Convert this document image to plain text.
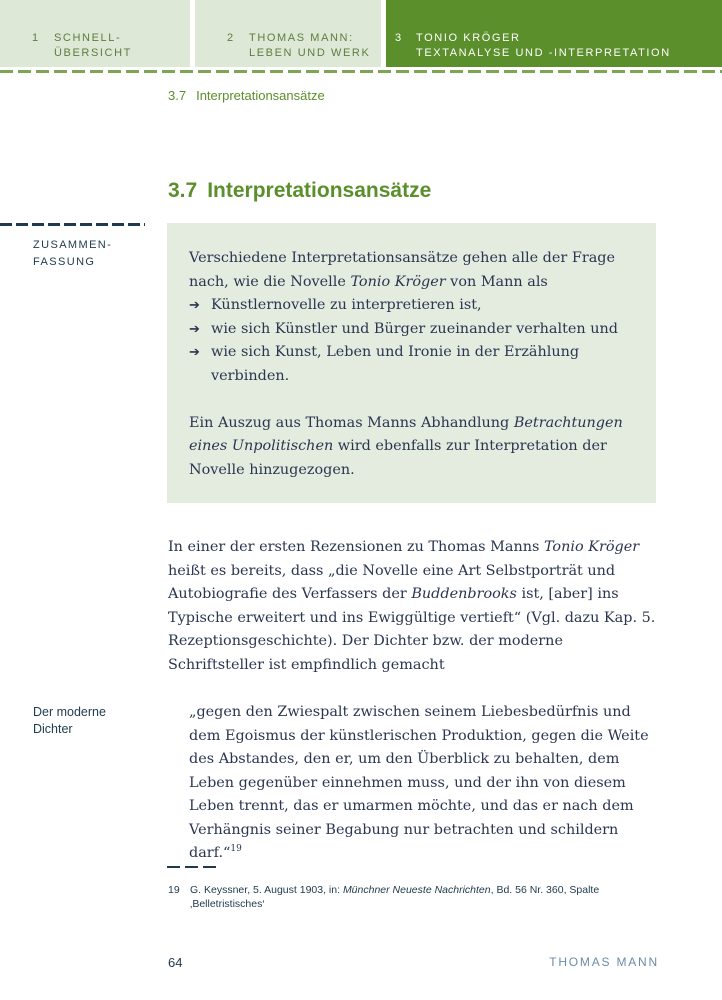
1 SCHNELL-
ÜBERSICHT
2 THOMAS MANN:
LEBEN UND WERK
3 TONIO KRÖGER
TEXTANALYSE UND -INTERPRETATION
3.7 Interpretationsansätze
3.7 Interpretationsansätze
ZUSAMMEN-
FASSUNG	Verschiedene Interpretationsansätze gehen alle der Frage nach, wie die Novelle Tonio Kröger von Mann als

➔ Künstlernovelle zu interpretieren ist,
➔ wie sich Künstler und Bürger zueinander verhalten und
➔ wie sich Kunst, Leben und Ironie in der Erzählung verbinden.

Ein Auszug aus Thomas Manns Abhandlung Betrachtungen eines Unpolitischen wird ebenfalls zur Interpretation der Novelle hinzugezogen.

In einer der ersten Rezensionen zu Thomas Manns Tonio Kröger heißt es bereits, dass „die Novelle eine Art Selbstporträt und Autobiografie des Verfassers der Buddenbrooks ist, [aber] ins Typische erweitert und ins Ewiggültige vertieft“ (Vgl. dazu Kap. 5. Rezeptionsgeschichte). Der Dichter bzw. der moderne Schriftsteller ist empfindlich gemacht
Der moderne
Dichter
„gegen den Zwiespalt zwischen seinem Liebesbedürfnis und dem Egoismus der künstlerischen Produktion, gegen die Weite des Abstandes, den er, um den Überblick zu behalten, dem Leben gegenüber einnehmen muss, und der ihn von diesem Leben trennt, das er umarmen möchte, und das er nach dem Verhängnis seiner Begabung nur betrachten und schildern darf.“$^{19}$
19 G. Keyssner, 5. August 1903, in: Münchner Neueste Nachrichten, Bd. 56 Nr. 360, Spalte ‚Belletristisches‘
64	THOMAS MANN
